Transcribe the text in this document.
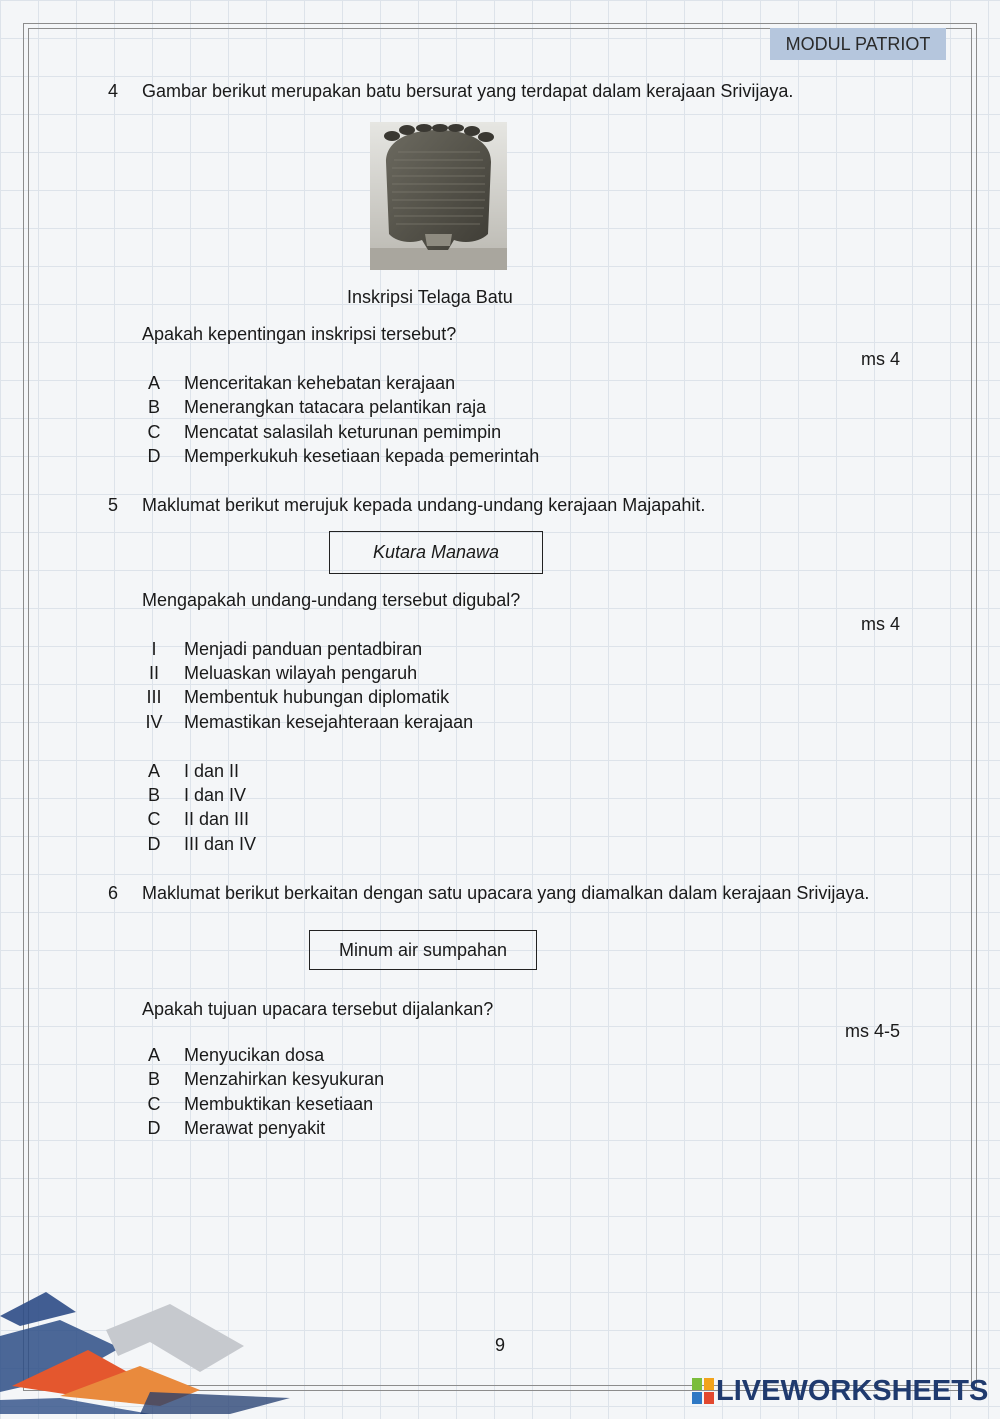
MODUL PATRIOT
4 Gambar berikut merupakan batu bersurat yang terdapat dalam kerajaan Srivijaya.
Inskripsi Telaga Batu
Apakah kepentingan inskripsi tersebut?
ms 4
A	Menceritakan kehebatan kerajaan
B	Menerangkan tatacara pelantikan raja
C	Mencatat salasilah keturunan pemimpin
D	Memperkukuh kesetiaan kepada pemerintah
5 Maklumat berikut merujuk kepada undang-undang kerajaan Majapahit.
Kutara Manawa
Mengapakah undang-undang tersebut digubal?
ms 4
I	Menjadi panduan pentadbiran
II	Meluaskan wilayah pengaruh
III Membentuk hubungan diplomatik
IV Memastikan kesejahteraan kerajaan
A	I dan II
B	I dan IV
C	II dan III
D	III dan IV
6 Maklumat berikut berkaitan dengan satu upacara yang diamalkan dalam kerajaan Srivijaya.
Minum air sumpahan
Apakah tujuan upacara tersebut dijalankan?
ms 4-5
A	Menyucikan dosa
B	Menzahirkan kesyukuran
C	Membuktikan kesetiaan
D	Merawat penyakit
9
LIVEWORKSHEETS
